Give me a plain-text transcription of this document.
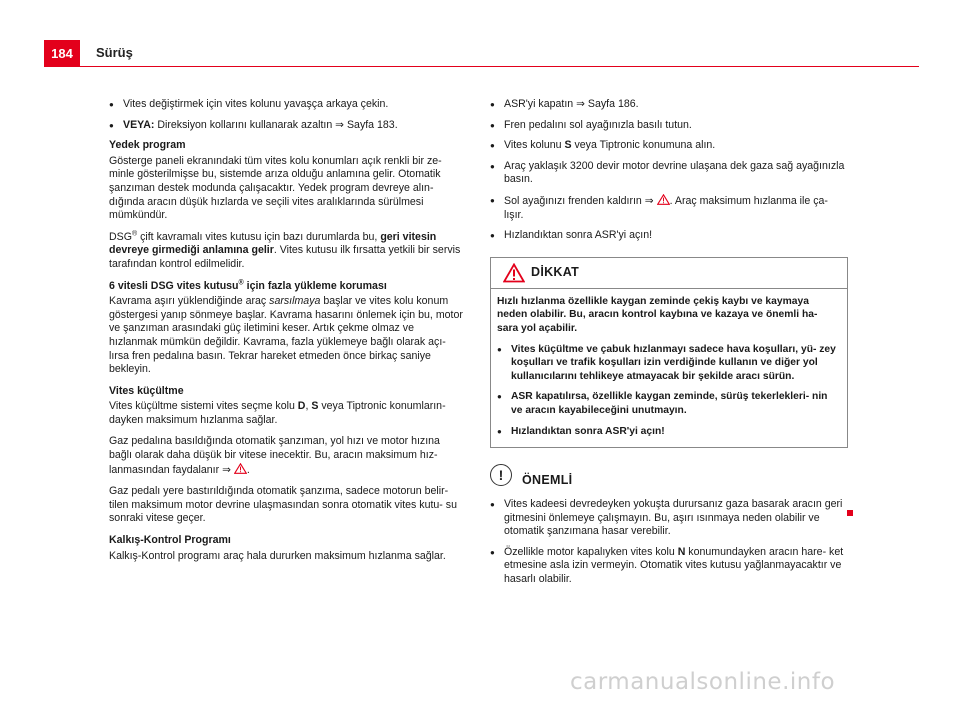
184	Sürüş
● Vites değiştirmek için vites kolunu yavaşça arkaya çekin.
● VEYA: Direksiyon kollarını kullanarak azaltın ⇒ Sayfa 183.
Yedek program

Gösterge paneli ekranındaki tüm vites kolu konumları açık renkli bir ze- minle gösterilmişse bu, sistemde arıza olduğu anlamına gelir. Otomatik şanzıman destek modunda çalışacaktır. Yedek program devreye alın- dığında aracın düşük hızlarda ve seçili vites aralıklarında sürülmesi mümkündür.

DSG® çift kavramalı vites kutusu için bazı durumlarda bu, geri vitesin devreye girmediği anlamına gelir. Vites kutusu ilk fırsatta yetkili bir servis tarafından kontrol edilmelidir.

6 vitesli DSG vites kutusu® için fazla yükleme koruması

Kavrama aşırı yüklendiğinde araç sarsılmaya başlar ve vites kolu konum göstergesi yanıp sönmeye başlar. Kavrama hasarını önlemek için bu, motor ve şanzıman arasındaki güç iletimini keser. Artık çekme olmaz ve hızlanmak mümkün değildir. Kavrama, fazla yüklemeye bağlı olarak açı- lırsa fren pedalına basın. Tekrar hareket etmeden önce birkaç saniye bekleyin.

Vites küçültme

Vites küçültme sistemi vites seçme kolu D, S veya Tiptronic konumların- dayken maksimum hızlanma sağlar.

Gaz pedalına basıldığında otomatik şanzıman, yol hızı ve motor hızına bağlı olarak daha düşük bir vitese inecektir. Bu, aracın maksimum hız- lanmasından faydalanır ⇒ .

Gaz pedalı yere bastırıldığında otomatik şanzıma, sadece motorun belir- tilen maksimum motor devrine ulaşmasından sonra otomatik vites kutu- su sonraki vitese geçer.

Kalkış-Kontrol Programı

Kalkış-Kontrol programı araç hala dururken maksimum hızlanma sağlar.

● ASR'yi kapatın ⇒ Sayfa 186.
● Fren pedalını sol ayağınızla basılı tutun.
● Vites kolunu S veya Tiptronic konumuna alın.
● Araç yaklaşık 3200 devir motor devrine ulaşana dek gaza sağ ayağınızla basın.
● Sol ayağınızı frenden kaldırın ⇒ . Araç maksimum hızlanma ile ça- lışır.
● Hızlandıktan sonra ASR'yi açın!
DİKKAT

Hızlı hızlanma özellikle kaygan zeminde çekiş kaybı ve kaymaya neden olabilir. Bu, aracın kontrol kaybına ve kazaya ve önemli ha- sara yol açabilir.

● Vites küçültme ve çabuk hızlanmayı sadece hava koşulları, yü- zey koşulları ve trafik koşulları izin verdiğinde kullanın ve diğer yol kullanıcılarını tehlikeye atmayacak bir şekilde aracı sürün.
● ASR kapatılırsa, özellikle kaygan zeminde, sürüş tekerlekleri- nin ve aracın kayabileceğini unutmayın.
● Hızlandıktan sonra ASR'yi açın!
!	ÖNEMLİ
● Vites kadeesi devredeyken yokuşta durursanız gaza basarak aracın geri gitmesini önlemeye çalışmayın. Bu, aşırı ısınmaya neden olabilir ve otomatik şanzımana hasar verebilir.
● Özellikle motor kapalıyken vites kolu N konumundayken aracın hare- ket etmesine asla izin vermeyin. Otomatik vites kutusu yağlanmayacaktır ve hasarlı olabilir.
carmanualsonline.info
